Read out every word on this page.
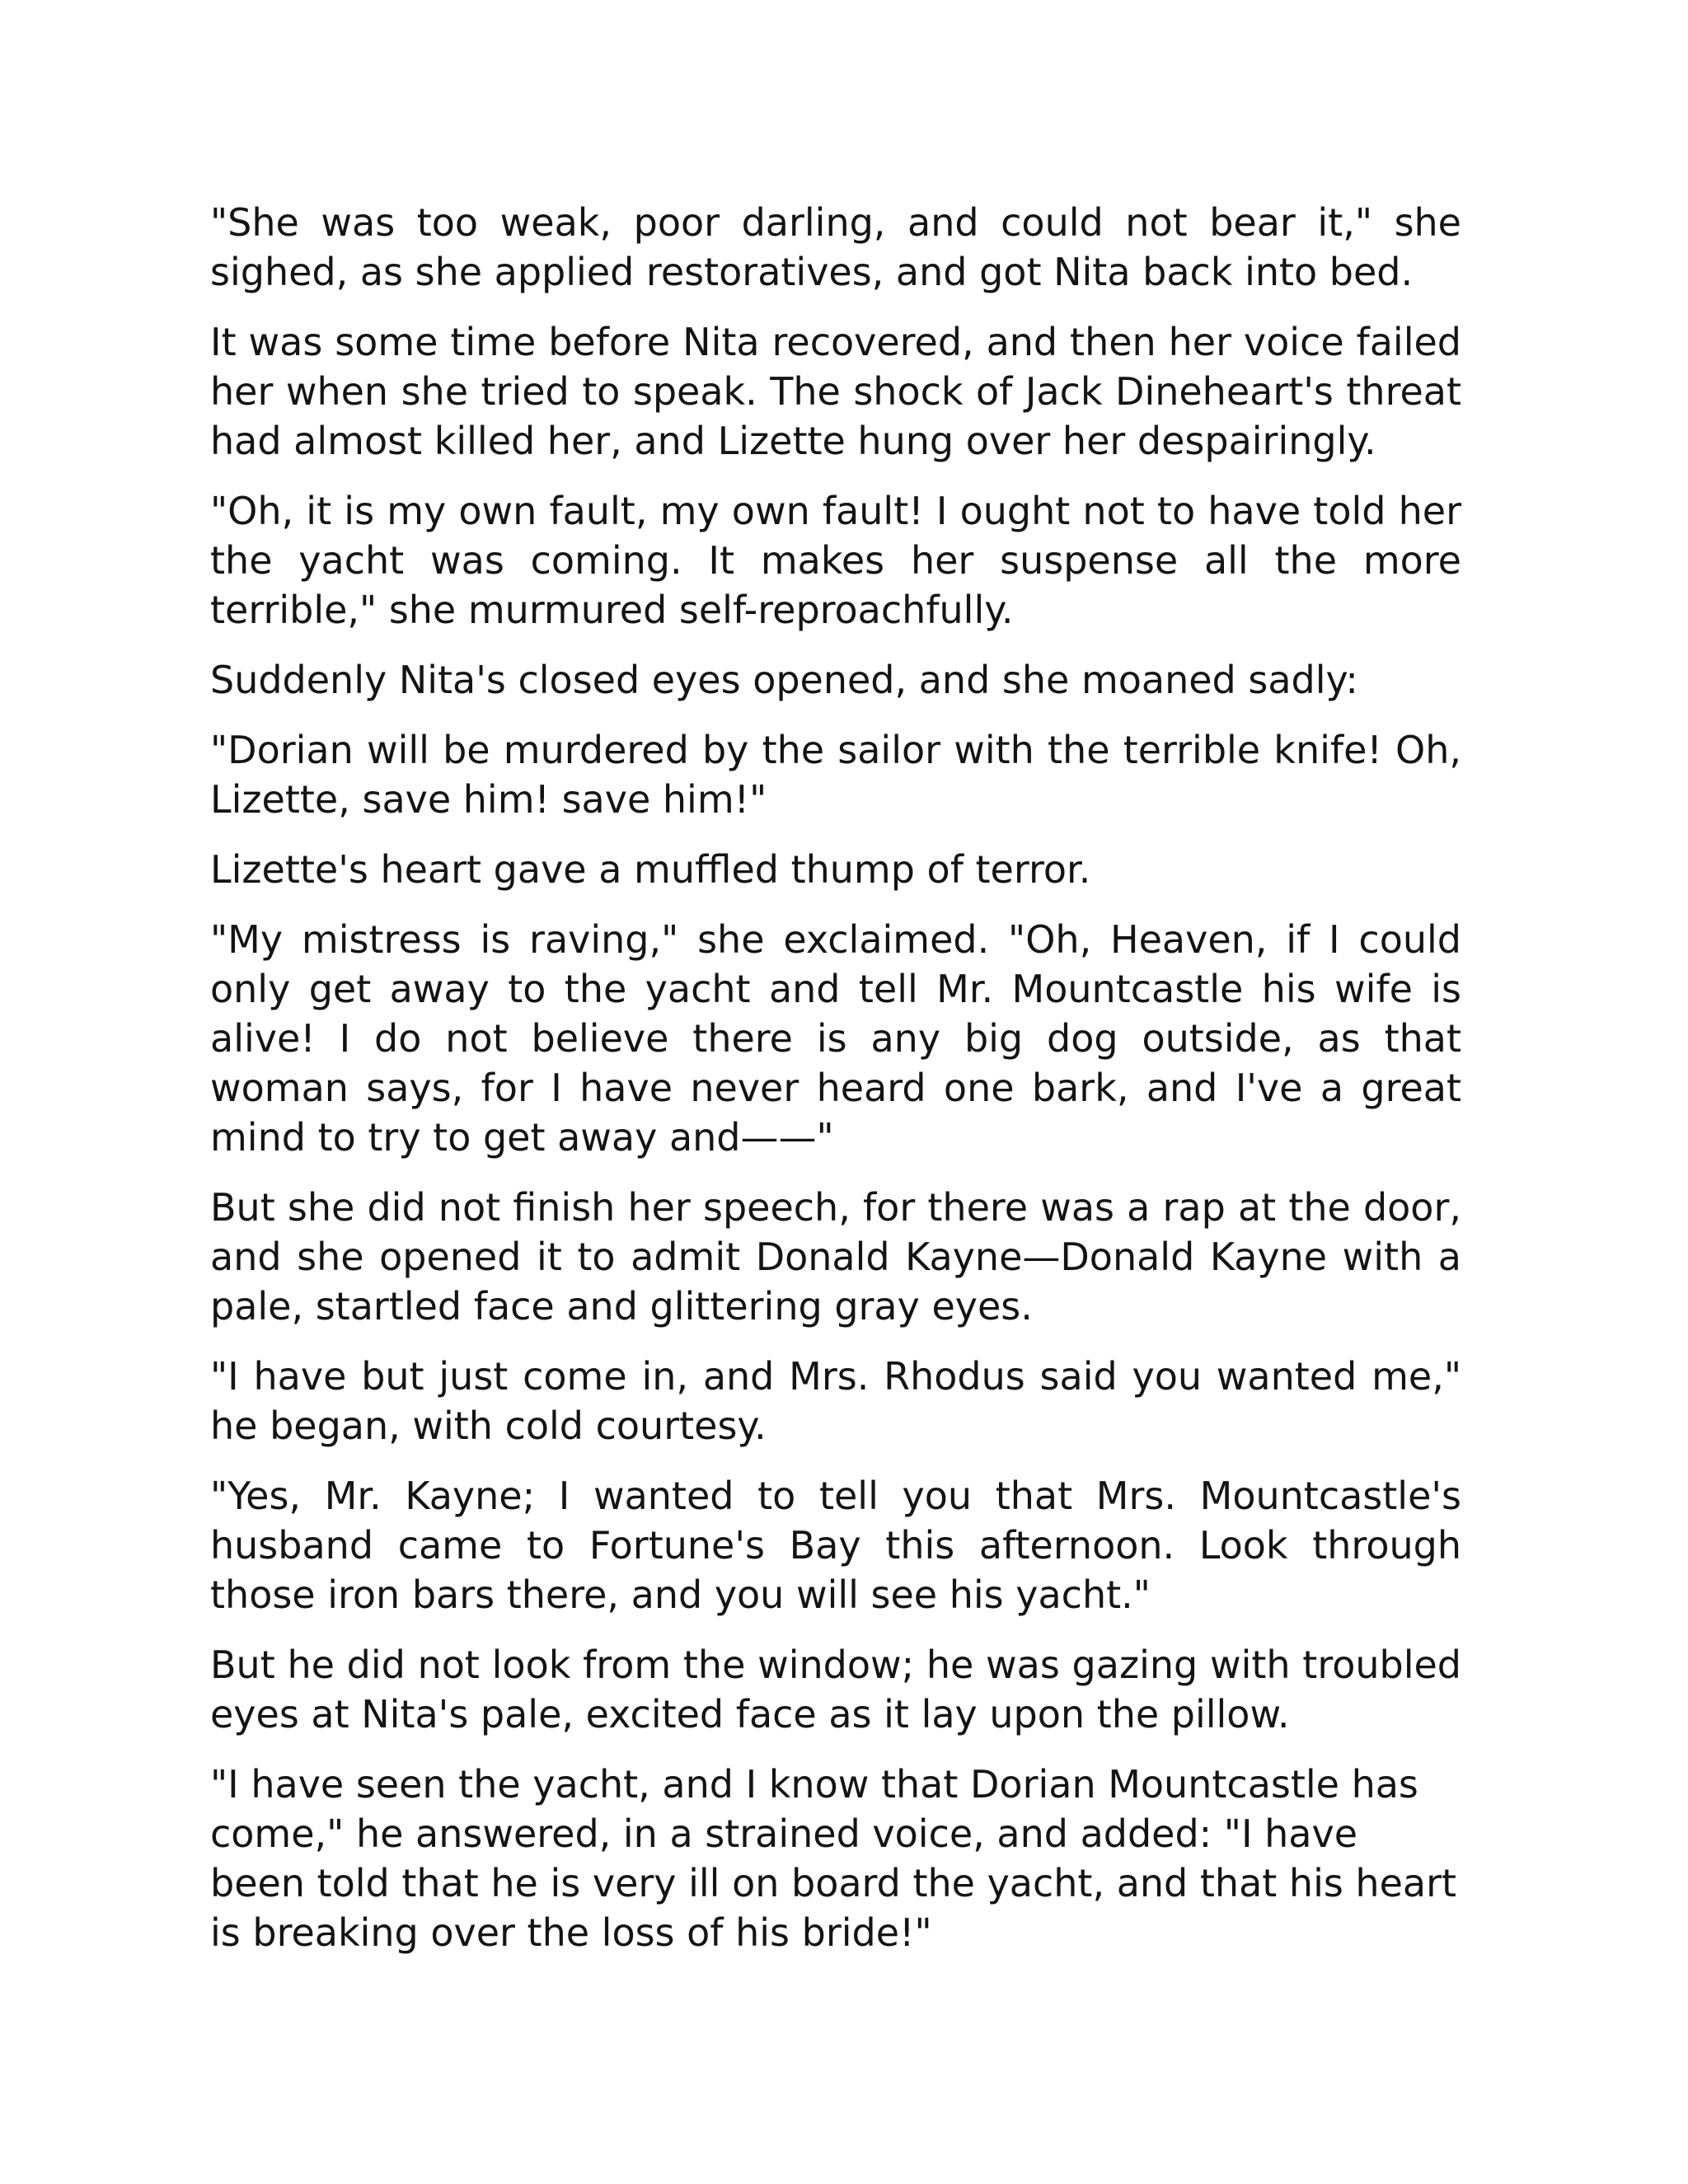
"She was too weak, poor darling, and could not bear it," she sighed, as she applied restoratives, and got Nita back into bed.

It was some time before Nita recovered, and then her voice failed her when she tried to speak. The shock of Jack Dineheart's threat had almost killed her, and Lizette hung over her despairingly.

"Oh, it is my own fault, my own fault! I ought not to have told her the yacht was coming. It makes her suspense all the more terrible," she murmured self-reproachfully.

Suddenly Nita's closed eyes opened, and she moaned sadly:

"Dorian will be murdered by the sailor with the terrible knife! Oh, Lizette, save him! save him!"

Lizette's heart gave a muffled thump of terror.

"My mistress is raving," she exclaimed. "Oh, Heaven, if I could only get away to the yacht and tell Mr. Mountcastle his wife is alive! I do not believe there is any big dog outside, as that woman says, for I have never heard one bark, and I've a great mind to try to get away and——"

But she did not finish her speech, for there was a rap at the door, and she opened it to admit Donald Kayne—Donald Kayne with a pale, startled face and glittering gray eyes.

"I have but just come in, and Mrs. Rhodus said you wanted me," he began, with cold courtesy.

"Yes, Mr. Kayne; I wanted to tell you that Mrs. Mountcastle's husband came to Fortune's Bay this afternoon. Look through those iron bars there, and you will see his yacht."

But he did not look from the window; he was gazing with troubled eyes at Nita's pale, excited face as it lay upon the pillow.

"I have seen the yacht, and I know that Dorian Mountcastle has come," he answered, in a strained voice, and added: "I have been told that he is very ill on board the yacht, and that his heart is breaking over the loss of his bride!"
